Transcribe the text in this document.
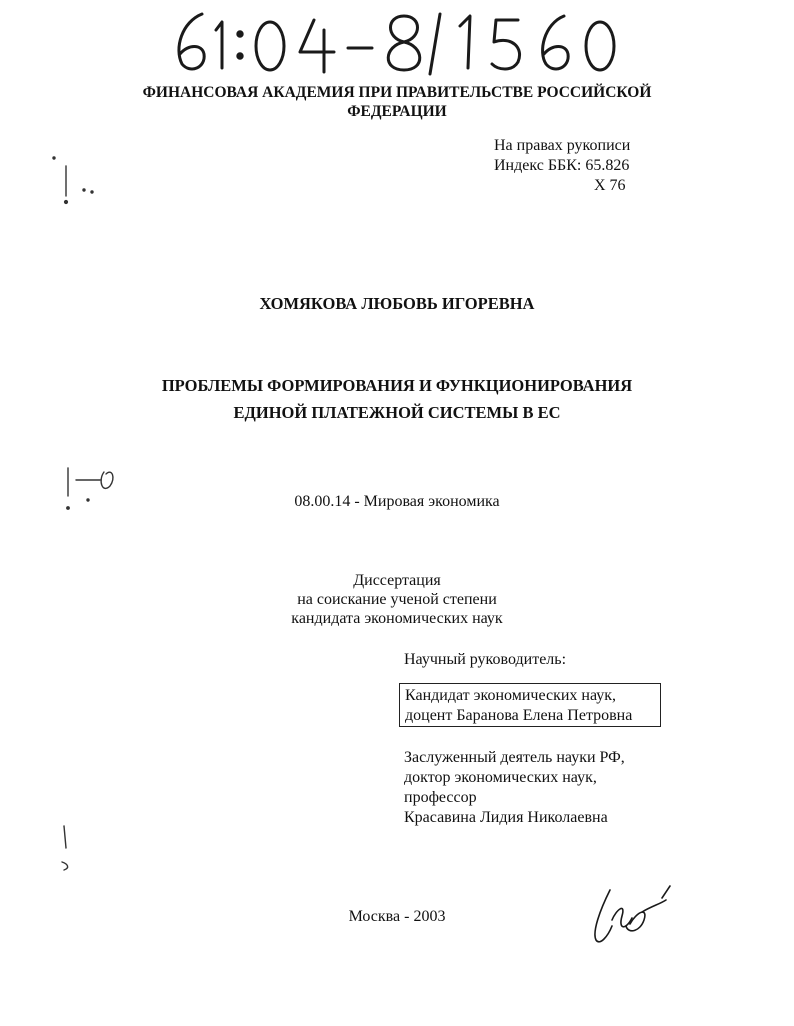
ФИНАНСОВАЯ АКАДЕМИЯ ПРИ ПРАВИТЕЛЬСТВЕ РОССИЙСКОЙ
ФЕДЕРАЦИИ
На правах рукописи
Индекс ББК: 65.826
Х 76
ХОМЯКОВА ЛЮБОВЬ ИГОРЕВНА
ПРОБЛЕМЫ ФОРМИРОВАНИЯ И ФУНКЦИОНИРОВАНИЯ
ЕДИНОЙ ПЛАТЕЖНОЙ СИСТЕМЫ В ЕС
08.00.14 - Мировая экономика
Диссертация
на соискание ученой степени
кандидата экономических наук
Научный руководитель:
Кандидат экономических наук,
доцент Баранова Елена Петровна
Заслуженный деятель науки РФ,
доктор экономических наук,
профессор
Красавина Лидия Николаевна
Москва - 2003
